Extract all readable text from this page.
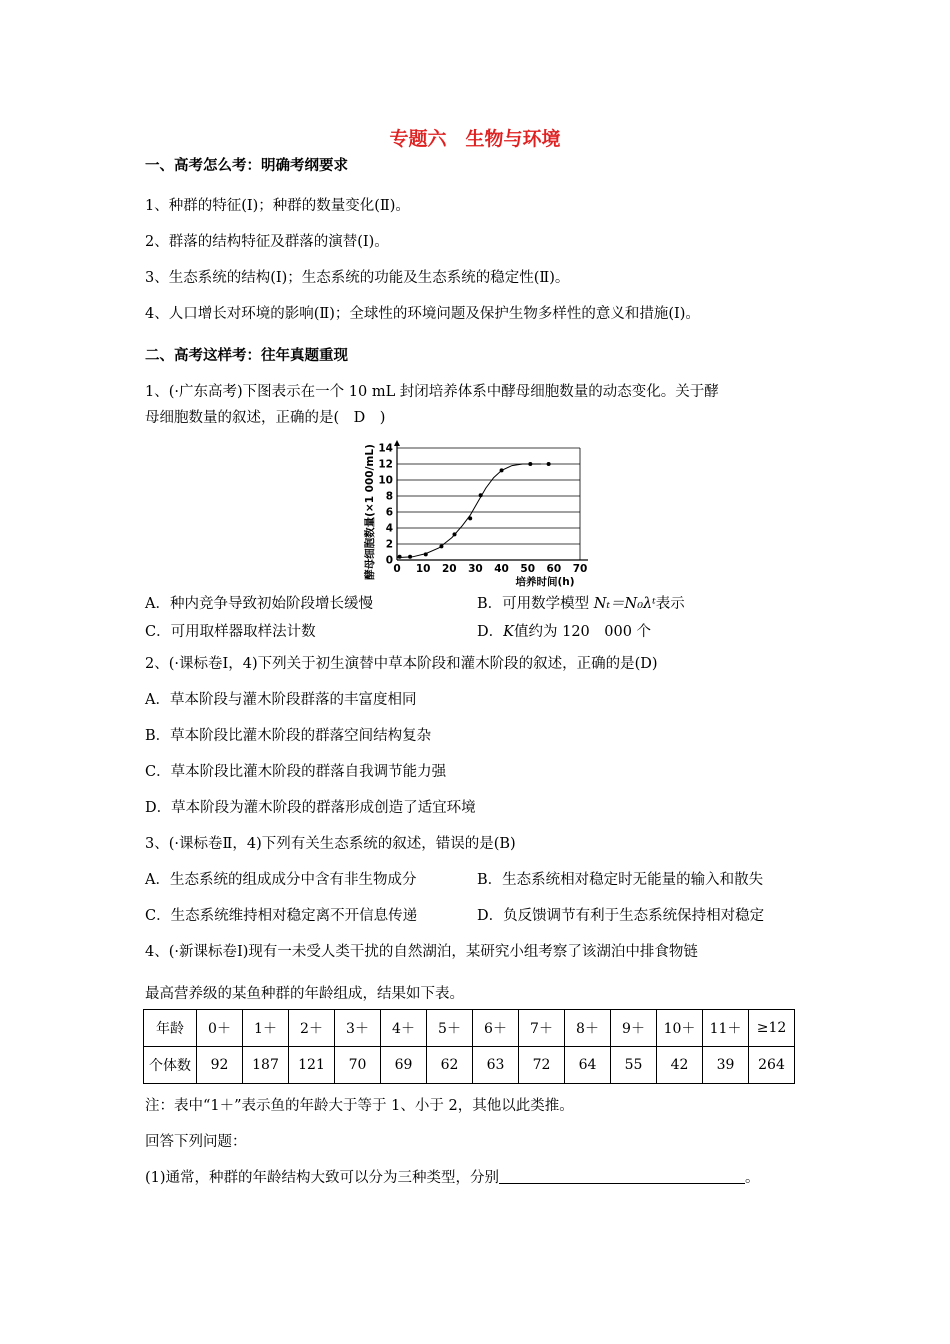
专题六　生物与环境
一、高考怎么考：明确考纲要求
1、种群的特征(Ⅰ)；种群的数量变化(Ⅱ)。
2、群落的结构特征及群落的演替(Ⅰ)。
3、生态系统的结构(Ⅰ)；生态系统的功能及生态系统的稳定性(Ⅱ)。
4、人口增长对环境的影响(Ⅱ)；全球性的环境问题及保护生物多样性的意义和措施(Ⅰ)。
二、高考这样考：往年真题重现
1、(·广东高考)下图表示在一个 10 mL 封闭培养体系中酵母细胞数量的动态变化。关于酵
母细胞数量的叙述，正确的是(　D　)
0
2
4
6
8
10
12
14
0 10 20 30 40 50 60 70
酵母细胞数量(×1 000/mL)
培养时间(h)
A．种内竞争导致初始阶段增长缓慢	B．可用数学模型 Nₜ＝N₀λᵗ表示
C．可用取样器取样法计数	D．K值约为 120　000 个
2、(·课标卷Ⅰ，4)下列关于初生演替中草本阶段和灌木阶段的叙述，正确的是(D)
A．草本阶段与灌木阶段群落的丰富度相同
B．草本阶段比灌木阶段的群落空间结构复杂
C．草本阶段比灌木阶段的群落自我调节能力强
D．草本阶段为灌木阶段的群落形成创造了适宜环境
3、(·课标卷Ⅱ，4)下列有关生态系统的叙述，错误的是(B)
A．生态系统的组成成分中含有非生物成分	B．生态系统相对稳定时无能量的输入和散失
C．生态系统维持相对稳定离不开信息传递	D．负反馈调节有利于生态系统保持相对稳定
4、(·新课标卷Ⅰ)现有一未受人类干扰的自然湖泊，某研究小组考察了该湖泊中排食物链
最高营养级的某鱼种群的年龄组成，结果如下表。
年龄	0＋	1＋	2＋	3＋	4＋	5＋	6＋	7＋	8＋	9＋	10＋	11＋	≥12
个体数	92	187	121	70	69	62	63	72	64	55	42	39	264
注：表中“1＋”表示鱼的年龄大于等于 1、小于 2，其他以此类推。
回答下列问题：
(1)通常，种群的年龄结构大致可以分为三种类型，分别	。
